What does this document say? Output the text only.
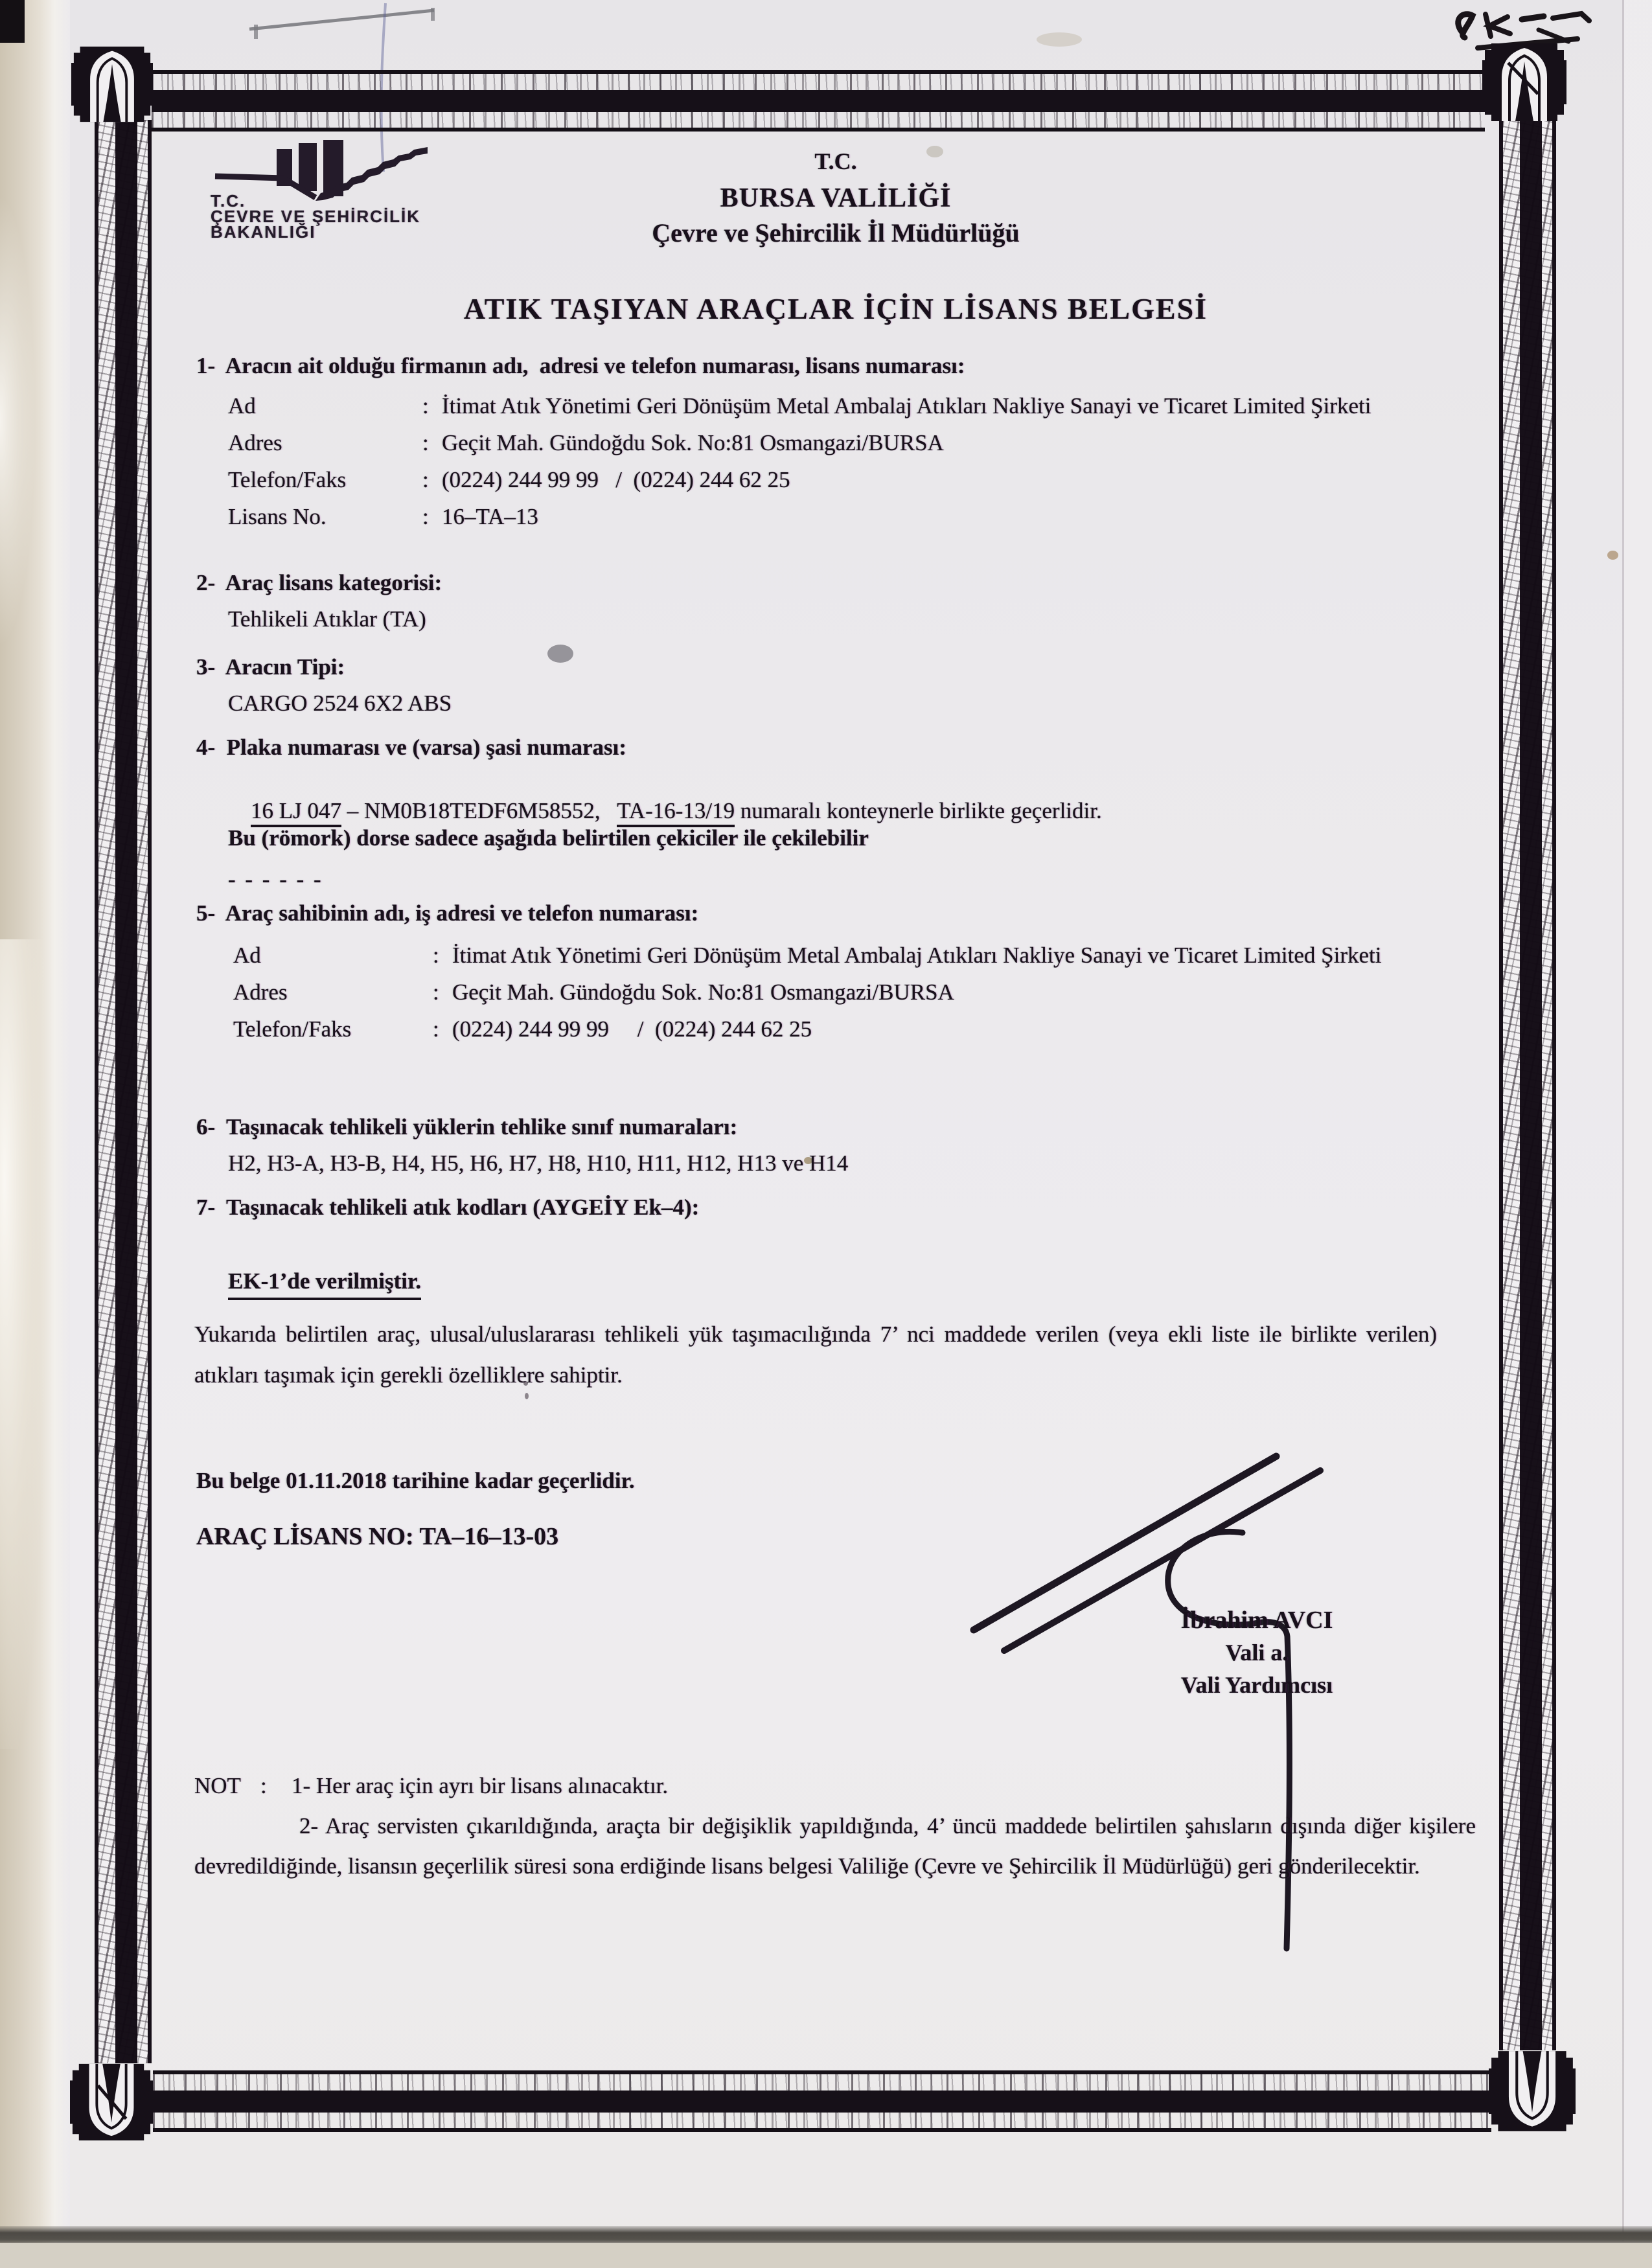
T.C.
ÇEVRE VE ŞEHİRCİLİK
BAKANLIĞI
T.C.
BURSA VALİLİĞİ
Çevre ve Şehircilik İl Müdürlüğü
ATIK TAŞIYAN ARAÇLAR İÇİN LİSANS BELGESİ
1-  Aracın ait olduğu firmanın adı,  adresi ve telefon numarası, lisans numarası:
Ad	: İtimat Atık Yönetimi Geri Dönüşüm Metal Ambalaj Atıkları Nakliye Sanayi ve Ticaret Limited Şirketi
Adres	: Geçit Mah. Gündoğdu Sok. No:81 Osmangazi/BURSA
Telefon/Faks	: (0224) 244 99 99   /  (0224) 244 62 25
Lisans No.	: 16–TA–13
2-  Araç lisans kategorisi:
Tehlikeli Atıklar (TA)
3-  Aracın Tipi:
CARGO 2524 6X2 ABS
4-  Plaka numarası ve (varsa) şasi numarası:

16 LJ 047 – NM0B18TEDF6M58552,   TA-16-13/19 numaralı konteynerle birlikte geçerlidir.

Bu (römork) dorse sadece aşağıda belirtilen çekiciler ile çekilebilir
- - - - - -
5-  Araç sahibinin adı, iş adresi ve telefon numarası:
Ad	: İtimat Atık Yönetimi Geri Dönüşüm Metal Ambalaj Atıkları Nakliye Sanayi ve Ticaret Limited Şirketi
Adres	: Geçit Mah. Gündoğdu Sok. No:81 Osmangazi/BURSA
Telefon/Faks	: (0224) 244 99 99     /  (0224) 244 62 25
6-  Taşınacak tehlikeli yüklerin tehlike sınıf numaraları:
H2, H3-A, H3-B, H4, H5, H6, H7, H8, H10, H11, H12, H13 ve H14
7-  Taşınacak tehlikeli atık kodları (AYGEİY Ek–4):
EK-1’de verilmiştir.
Yukarıda belirtilen araç, ulusal/uluslararası tehlikeli yük taşımacılığında 7’ nci maddede verilen (veya ekli liste ile birlikte verilen) atıkları taşımak için gerekli özelliklere sahiptir.
Bu belge 01.11.2018 tarihine kadar geçerlidir.
ARAÇ LİSANS NO: TA–16–13-03
İbrahim AVCI
Vali a.
Vali Yardımcısı
NOT :	1- Her araç için ayrı bir lisans alınacaktır.
2- Araç servisten çıkarıldığında, araçta bir değişiklik yapıldığında, 4’ üncü maddede belirtilen şahısların dışında diğer kişilere devredildiğinde, lisansın geçerlilik süresi sona erdiğinde lisans belgesi Valiliğe (Çevre ve Şehircilik İl Müdürlüğü) geri gönderilecektir.
